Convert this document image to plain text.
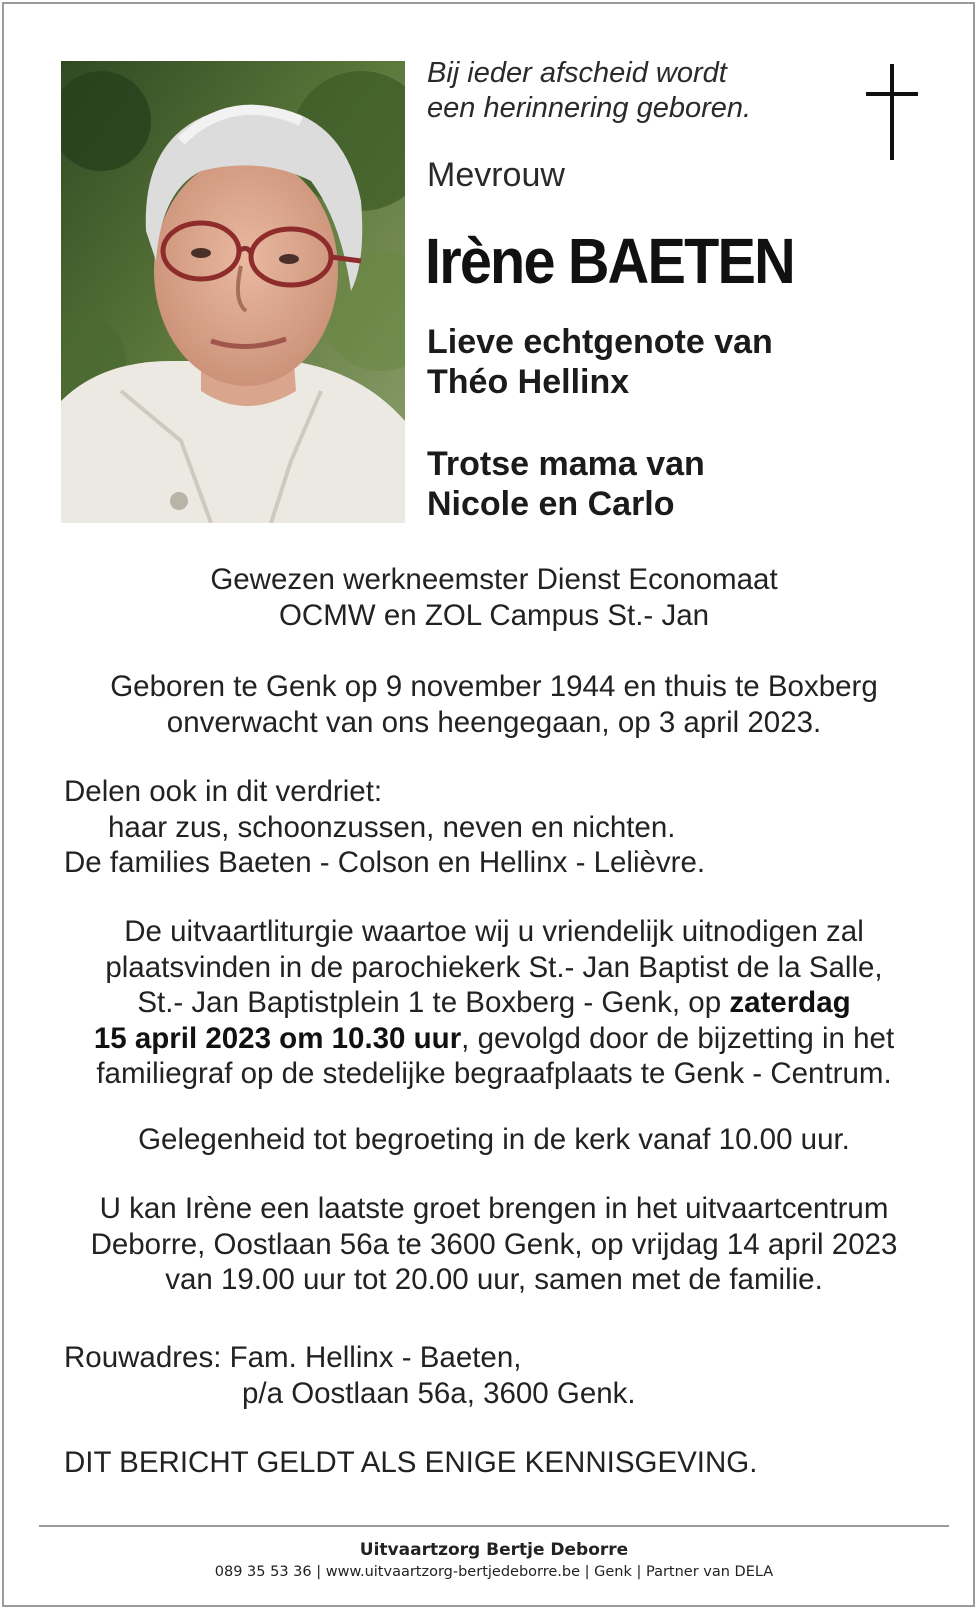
Bij ieder afscheid wordt
een herinnering geboren.
Mevrouw
Irène BAETEN
Lieve echtgenote van
Théo Hellinx
Trotse mama van
Nicole en Carlo
Gewezen werkneemster Dienst Economaat
OCMW en ZOL Campus St.- Jan
Geboren te Genk op 9 november 1944 en thuis te Boxberg
onverwacht van ons heengegaan, op 3 april 2023.
Delen ook in dit verdriet:
haar zus, schoonzussen, neven en nichten.
De families Baeten - Colson en Hellinx - Lelièvre.
De uitvaartliturgie waartoe wij u vriendelijk uitnodigen zal
plaatsvinden in de parochiekerk St.- Jan Baptist de la Salle,
St.- Jan Baptistplein 1 te Boxberg - Genk, op zaterdag
15 april 2023 om 10.30 uur, gevolgd door de bijzetting in het
familiegraf op de stedelijke begraafplaats te Genk - Centrum.
Gelegenheid tot begroeting in de kerk vanaf 10.00 uur.
U kan Irène een laatste groet brengen in het uitvaartcentrum
Deborre, Oostlaan 56a te 3600 Genk, op vrijdag 14 april 2023
van 19.00 uur tot 20.00 uur, samen met de familie.
Rouwadres: Fam. Hellinx - Baeten,
p/a Oostlaan 56a, 3600 Genk.
DIT BERICHT GELDT ALS ENIGE KENNISGEVING.
Uitvaartzorg Bertje Deborre
089 35 53 36 | www.uitvaartzorg-bertjedeborre.be | Genk | Partner van DELA
